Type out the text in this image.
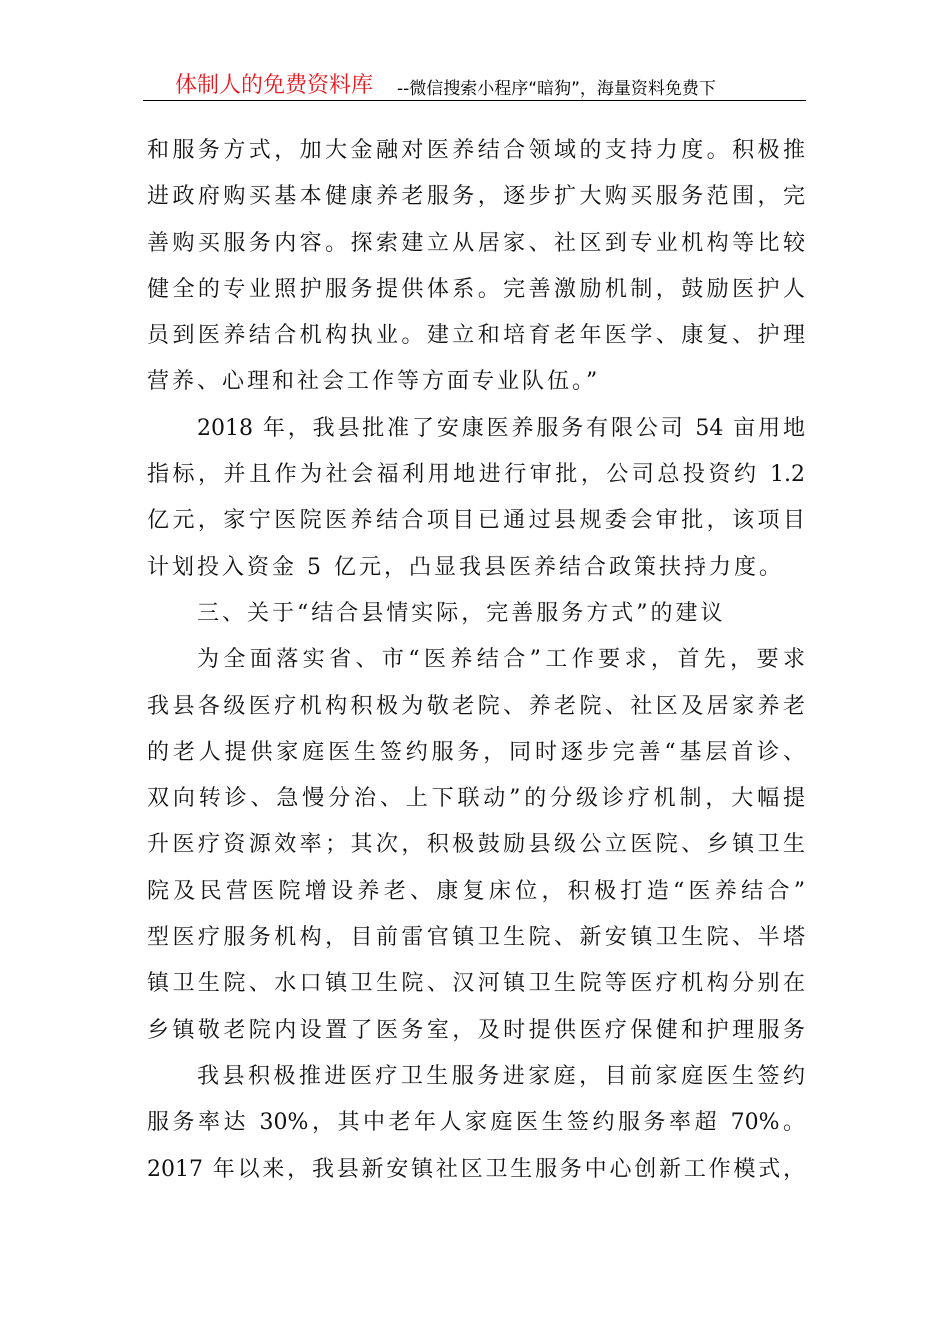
体制人的免费资料库 --微信搜索小程序“暗狗”，海量资料免费下
和服务方式，加大金融对医养结合领域的支持力度。积极推
进政府购买基本健康养老服务，逐步扩大购买服务范围，完
善购买服务内容。探索建立从居家、社区到专业机构等比较
健全的专业照护服务提供体系。完善激励机制，鼓励医护人
员到医养结合机构执业。建立和培育老年医学、康复、护理
营养、心理和社会工作等方面专业队伍。”
2018 年，我县批准了安康医养服务有限公司 54 亩用地
指标，并且作为社会福利用地进行审批，公司总投资约 1.2
亿元，家宁医院医养结合项目已通过县规委会审批，该项目
计划投入资金 5 亿元，凸显我县医养结合政策扶持力度。
三、关于“结合县情实际，完善服务方式”的建议
为全面落实省、市“医养结合”工作要求，首先，要求
我县各级医疗机构积极为敬老院、养老院、社区及居家养老
的老人提供家庭医生签约服务，同时逐步完善“基层首诊、
双向转诊、急慢分治、上下联动”的分级诊疗机制，大幅提
升医疗资源效率；其次，积极鼓励县级公立医院、乡镇卫生
院及民营医院增设养老、康复床位，积极打造“医养结合”
型医疗服务机构，目前雷官镇卫生院、新安镇卫生院、半塔
镇卫生院、水口镇卫生院、汉河镇卫生院等医疗机构分别在
乡镇敬老院内设置了医务室，及时提供医疗保健和护理服务
我县积极推进医疗卫生服务进家庭，目前家庭医生签约
服务率达 30%，其中老年人家庭医生签约服务率超 70%。
2017 年以来，我县新安镇社区卫生服务中心创新工作模式，
